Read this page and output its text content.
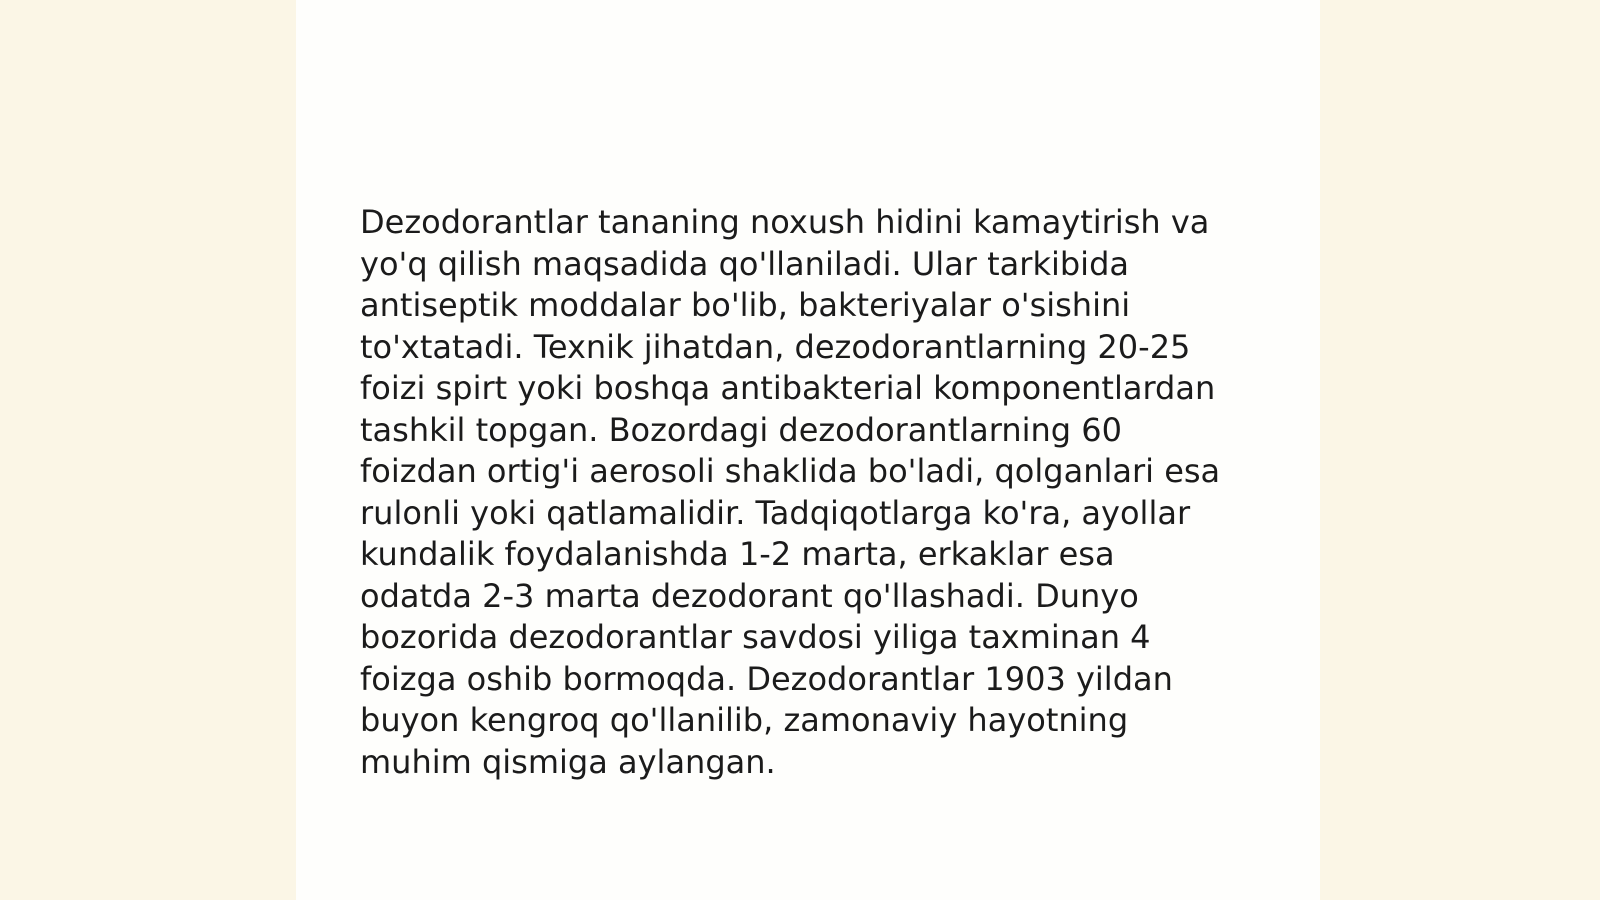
Dezodorantlar tananing noxush hidini kamaytirish va
yo'q qilish maqsadida qo'llaniladi. Ular tarkibida
antiseptik moddalar bo'lib, bakteriyalar o'sishini
to'xtatadi. Texnik jihatdan, dezodorantlarning 20-25
foizi spirt yoki boshqa antibakterial komponentlardan
tashkil topgan. Bozordagi dezodorantlarning 60
foizdan ortig'i aerosoli shaklida bo'ladi, qolganlari esa
rulonli yoki qatlamalidir. Tadqiqotlarga ko'ra, ayollar
kundalik foydalanishda 1-2 marta, erkaklar esa
odatda 2-3 marta dezodorant qo'llashadi. Dunyo
bozorida dezodorantlar savdosi yiliga taxminan 4
foizga oshib bormoqda. Dezodorantlar 1903 yildan
buyon kengroq qo'llanilib, zamonaviy hayotning
muhim qismiga aylangan.
